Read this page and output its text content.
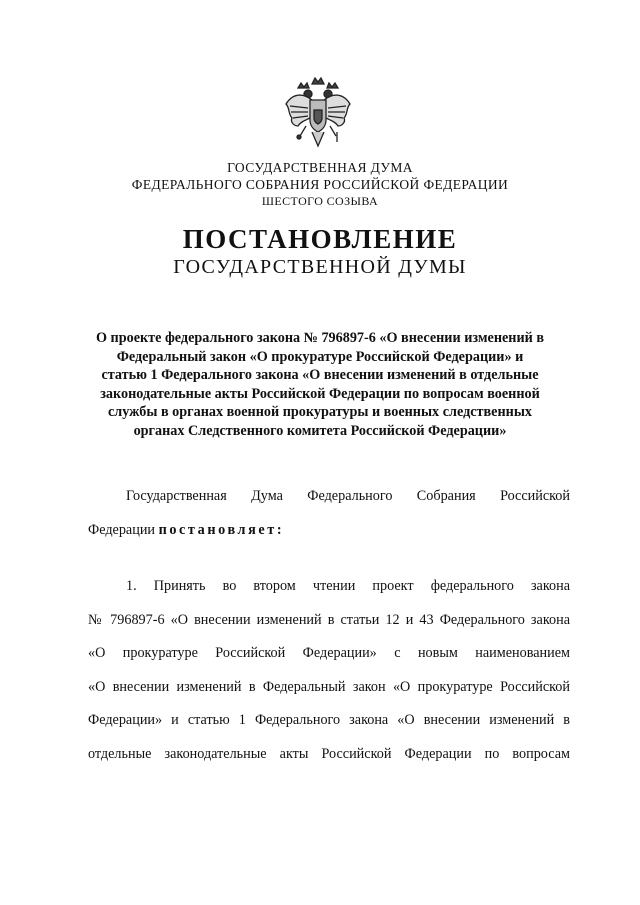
ГОСУДАРСТВЕННАЯ ДУМА
ФЕДЕРАЛЬНОГО СОБРАНИЯ РОССИЙСКОЙ ФЕДЕРАЦИИ
ШЕСТОГО СОЗЫВА
ПОСТАНОВЛЕНИЕ
ГОСУДАРСТВЕННОЙ ДУМЫ
О проекте федерального закона № 796897-6 «О внесении изменений в
Федеральный закон «О прокуратуре Российской Федерации» и
статью 1 Федерального закона «О внесении изменений в отдельные
законодательные акты Российской Федерации по вопросам военной
службы в органах военной прокуратуры и военных следственных
органах Следственного комитета Российской Федерации»
Государственная Дума Федерального Собрания Российской
Федерации постановляет:
1. Принять во втором чтении проект федерального закона
№ 796897-6 «О внесении изменений в статьи 12 и 43 Федерального закона
«О прокуратуре Российской Федерации» с новым наименованием
«О внесении изменений в Федеральный закон «О прокуратуре Российской
Федерации» и статью 1 Федерального закона «О внесении изменений в
отдельные законодательные акты Российской Федерации по вопросам
